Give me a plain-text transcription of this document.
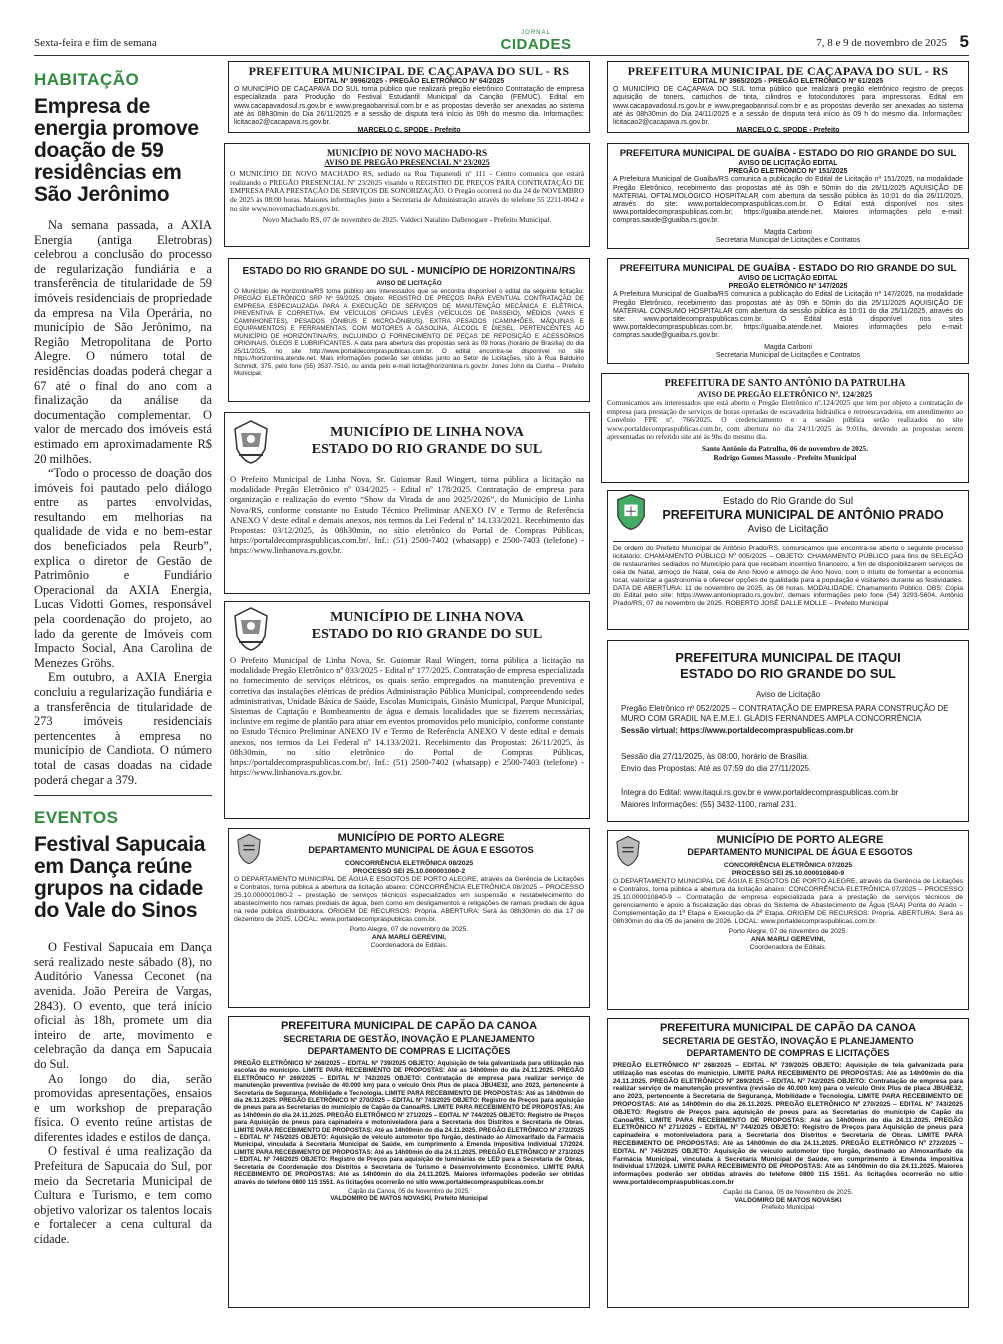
Sexta-feira e fim de semana
JORNAL
CIDADES	7, 8 e 9 de novembro de 2025 5
HABITAÇÃO
Empresa de energia promove doação de 59 residências em São Jerônimo

Na semana passada, a AXIA Energia (antiga Eletrobras) celebrou a conclusão do processo de regularização fundiária e a transferência de titularidade de 59 imóveis residenciais de propriedade da empresa na Vila Operária, no município de São Jerônimo, na Região Metropolitana de Porto Alegre. O número total de residências doadas poderá chegar a 67 até o final do ano com a finalização da análise da documentação complementar. O valor de mercado dos imóveis está estimado em aproximadamente R$ 20 milhões.

“Todo o processo de doação dos imóveis foi pautado pelo diálogo entre as partes envolvidas, resultando em melhorias na qualidade de vida e no bem-estar dos beneficiados pela Reurb”, explica o diretor de Gestão de Patrimônio e Fundiário Operacional da AXIA Energia, Lucas Vidotti Gomes, responsável pela coordenação do projeto, ao lado da gerente de Imóveis com Impacto Social, Ana Carolina de Menezes Gröhs.

Em outubro, a AXIA Energia concluiu a regularização fundiária e a transferência de titularidade de 273 imóveis residenciais pertencentes à empresa no município de Candiota. O número total de casas doadas na cidade poderá chegar a 379.

EVENTOS
Festival Sapucaia em Dança reúne grupos na cidade do Vale do Sinos

O Festival Sapucaia em Dança será realizado neste sábado (8), no Auditório Vanessa Ceconet (na avenida. João Pereira de Vargas, 2843). O evento, que terá início oficial às 18h, promete um dia inteiro de arte, movimento e celebração da dança em Sapucaia do Sul.

Ao longo do dia, serão promovidas apresentações, ensaios e um workshop de preparação física. O evento reúne artistas de diferentes idades e estilos de dança.

O festival é uma realização da Prefeitura de Sapucaia do Sul, por meio da Secretaria Municipal de Cultura e Turismo, e tem como objetivo valorizar os talentos locais e fortalecer a cena cultural da cidade.

PREFEITURA MUNICIPAL DE CAÇAPAVA DO SUL - RS
EDITAL Nº 3996/2025 - PREGÃO ELETRÔNICO Nº 64/2025

O MUNICÍPIO DE CAÇAPAVA DO SUL torna público que realizará pregão eletrônico Contratação de empresa especializada para Produção do Festival Estudantil Municipal da Canção (FEMUC). Edital em www.cacapavadosul.rs.gov.br e www.pregaobanrisul.com.br e as propostas deverão ser anexadas ao sistema até às 08h30min do Dia 26/11/2025 e a sessão de disputa terá início às 09h do mesmo dia. Informações: licitacao2@cacapava.rs.gov.br.

MARCELO C. SPODE - Prefeito
PREFEITURA MUNICIPAL DE CAÇAPAVA DO SUL - RS
EDITAL Nº 3965/2025 - PREGÃO ELETRÔNICO Nº 61/2025

O MUNICÍPIO DE CAÇAPAVA DO SUL torna público que realizará pregão eletrônico registro de preços aquisição de toners, cartuchos de tinta, cilindros e fotocondutores para impressoras. Edital em www.cacapavadosul.rs.gov.br e www.pregaobanrisul.com.br e as propostas deverão ser anexadas ao sistema até às 08h30min do Dia 24/11/2025 e a sessão de disputa terá início às 09 h do mesmo dia. Informações: licitacao2@cacapava.rs.gov.br.

MARCELO C. SPODE - Prefeito
MUNICÍPIO DE NOVO MACHADO-RS
AVISO DE PREGÃO PRESENCIAL Nº 23/2025

O MUNICÍPIO DE NOVO MACHADO RS, sediado na Rua Tupanendi nº 111 - Centro comunica que estará realizando o PREGÃO PRESENCIAL Nº 23/2025 visando o REGISTRO DE PREÇOS PARA CONTRATAÇÃO DE EMPRESA PARA PRESTAÇÃO DE SERVIÇOS DE SONORIZAÇÃO. O Pregão ocorrerá no dia 24 de NOVEMBRO de 2025 às 08:00 horas. Maiores informações junto a Secretaria de Administração através do telefone 55 2211-0042 e no site www.novomachado.rs.gov.br.

Novo Machado RS, 07 de novembro de 2025. Valdeci Natalino Dallenogare - Prefeito Municipal.
PREFEITURA MUNICIPAL DE GUAÍBA - ESTADO DO RIO GRANDE DO SUL
AVISO DE LICITAÇÃO EDITAL
PREGÃO ELETRÔNICO Nº 151/2025

A Prefeitura Municipal de Guaíba/RS comunica a publicação do Edital de Licitação nº 151/2025, na modalidade Pregão Eletrônico, recebimento das propostas até às 09h e 50min do dia 26/11/2025 AQUISIÇÃO DE MATERIAL OFTALMOLÓGICO HOSPITALAR com abertura da sessão pública às 10:01 do dia 26/11/2025, através do site: www.portaldecompraspublicas.com.br. O Edital está disponível nos sites www.portaldecompraspublicas.com.br; https://guaiba.atende.net. Maiores informações pelo e-mail: compras.saude@guaiba.rs.gov.br.

Magda Carboni
Secretaria Municipal de Licitações e Contratos
ESTADO DO RIO GRANDE DO SUL - MUNICÍPIO DE HORIZONTINA/RS
AVISO DE LICITAÇÃO

O Município de Horizontina/RS torna público aos interessados que se encontra disponível o edital da seguinte licitação: PREGÃO ELETRÔNICO SRP Nº 59/2025. Objeto: REGISTRO DE PREÇOS PARA EVENTUAL CONTRATAÇÃO DE EMPRESA ESPECIALIZADA PARA A EXECUÇÃO DE SERVIÇOS DE MANUTENÇÃO MECÂNICA E ELÉTRICA, PREVENTIVA E CORRETIVA, EM VEÍCULOS OFICIAIS LEVES (VEÍCULOS DE PASSEIO), MÉDIOS (VANS E CAMINHONETES), PESADOS (ÔNIBUS E MICRO-ÔNIBUS), EXTRA PESADOS (CAMINHÕES, MÁQUINAS E EQUIPAMENTOS) E FERRAMENTAS, COM MOTORES A GASOLINA, ÁLCOOL E DIESEL, PERTENCENTES AO MUNICÍPIO DE HORIZONTINA/RS, INCLUINDO O FORNECIMENTO DE PEÇAS DE REPOSIÇÃO E ACESSÓRIOS ORIGINAIS, ÓLEOS E LUBRIFICANTES. A data para abertura das propostas será às 09 horas (horário de Brasília) do dia 25/11/2025, no site http://www.portaldecompraspublicas.com.br. O edital encontra-se disponível no site https://horizontina.atende.net. Mais informações poderão ser obtidas junto ao Setor de Licitações, sito à Rua Balduino Schmidt, 375, pelo fone (55) 3537-7510, ou ainda pelo e-mail licita@horizontina.rs.gov.br. Jones John da Cunha – Prefeito Municipal.

PREFEITURA MUNICIPAL DE GUAÍBA - ESTADO DO RIO GRANDE DO SUL
AVISO DE LICITAÇÃO EDITAL
PREGÃO ELETRÔNICO Nº 147/2025

A Prefeitura Municipal de Guaíba/RS comunica a publicação do Edital de Licitação nº 147/2025, na modalidade Pregão Eletrônico, recebimento das propostas até às 09h e 50min do dia 25/11/2025 AQUISIÇÃO DE MATERIAL CONSUMO HOSPITALAR com abertura da sessão pública às 10:01 do dia 25/11/2025, através do site: www.portaldecompraspublicas.com.br. O Edital está disponível nos sites www.portaldecompraspublicas.com.br; https://guaiba.atende.net. Maiores informações pelo e-mail: compras.saude@guaiba.rs.gov.br.

Magda Carboni
Secretaria Municipal de Licitações e Contratos
PREFEITURA DE SANTO ANTÔNIO DA PATRULHA
AVISO DE PREGÃO ELETRÔNICO Nº. 124/2025

Comunicamos aos interessados que está aberto o Pregão Eletrônico nº.124/2025 que tem por objeto a contratação de empresa para prestação de serviços de horas operadas de escavadeira hidráulica e retroescavadeira, em atendimento ao Convênio FPE nº. 766/2025. O credenciamento e a sessão pública serão realizados no site www.portaldecompraspublicas.com.br, com abertura no dia 24/11/2025 às 9:01hs, devendo as propostas serem apresentadas no referido site até às 9hs do mesmo dia.

Santo Antônio da Patrulha, 06 de novembro de 2025.
Rodrigo Gomes Massulo - Prefeito Municipal
MUNICÍPIO DE LINHA NOVA
ESTADO DO RIO GRANDE DO SUL

O Prefeito Municipal de Linha Nova, Sr. Guiomar Raul Wingert, torna pública a licitação na modalidade Pregão Eletrônico nº 034/2025 - Edital nº 178/2025. Contratação de empresa para organização e realização do evento “Show da Virada de ano 2025/2026”, do Município de Linha Nova/RS, conforme constante no Estudo Técnico Preliminar ANEXO IV e Termo de Referência ANEXO V deste edital e demais anexos, nos termos da Lei Federal nº 14.133/2021. Recebimento das Propostas: 03/12/2025, às 08h30min, no sítio eletrônico do Portal de Compras Públicas, https://portaldecompraspublicas.com.br/. Inf.: (51) 2500-7402 (whatsapp) e 2500-7403 (telefone) - https://www.linhanova.rs.gov.br.

Estado do Rio Grande do Sul
PREFEITURA MUNICIPAL DE ANTÔNIO PRADO
Aviso de Licitação

De ordem do Prefeito Municipal de Antônio Prado/RS, comunicamos que encontra-se aberto o seguinte processo licitatório: CHAMAMENTO PÚBLICO Nº 005/2025 – OBJETO: CHAMAMENTO PÚBLICO para fins de SELEÇÃO de restaurantes sediados no Município para que recebam incentivo financeiro, a fim de disponibilizarem serviços de ceia de Natal, almoço de Natal, ceia de Ano Novo e almoço de Ano Novo, com o intuito de fomentar a economia local, valorizar a gastronomia e oferecer opções de qualidade para a população e visitantes durante as festividades. DATA DE ABERTURA: 11 de novembro de 2025, às 08 horas. MODALIDADE: Chamamento Público. OBS: Cópia do Edital pelo site: https://www.antonioprado.rs.gov.br/, demais informações pelo fone (54) 3293-5604. Antônio Prado/RS, 07 de novembro de 2025. ROBERTO JOSÉ DALLE MOLLE – Prefeito Municipal

MUNICÍPIO DE LINHA NOVA
ESTADO DO RIO GRANDE DO SUL

O Prefeito Municipal de Linha Nova, Sr. Guiomar Raul Wingert, torna pública a licitação na modalidade Pregão Eletrônico nº 033/2025 - Edital nº 177/2025. Contratação de empresa especializada no fornecimento de serviços elétricos, os quais serão empregados na manutenção preventiva e corretiva das instalações elétricas de prédios Administração Pública Municipal, compreendendo sedes administrativas, Unidade Básica de Saúde, Escolas Municipais, Ginásio Municipal, Parque Municipal, Sistemas de Captação e Bombeamento de água e demais localidades que se fizerem necessárias, inclusive em regime de plantão para atuar em eventos promovidos pelo município, conforme constante no Estudo Técnico Preliminar ANEXO IV e Termo de Referência ANEXO V deste edital e demais anexos, nos termos da Lei Federal nº 14.133/2021. Recebimento das Propostas: 26/11/2025, às 08h30min, no sítio eletrônico do Portal de Compras Públicas, https://portaldecompraspublicas.com.br/. Inf.: (51) 2500-7402 (whatsapp) e 2500-7403 (telefone) - https://www.linhanova.rs.gov.br.

PREFEITURA MUNICIPAL DE ITAQUI
ESTADO DO RIO GRANDE DO SUL
Aviso de Licitação
Pregão Eletrônico nº 052/2025 – CONTRATAÇÃO DE EMPRESA PARA CONSTRUÇÃO DE MURO COM GRADIL NA E.M.E.I. GLÁDIS FERNANDES AMPLA CONCORRÊNCIA
Sessão virtual: https://www.portaldecompraspublicas.com.br
Sessão dia 27/11/2025, às 08:00, horário de Brasília.
Envio das Propostas: Até as 07:59 do dia 27/11/2025.
Íntegra do Edital: www.itaqui.rs.gov.br e www.portaldecompraspublicas.com.br
Maiores Informações: (55) 3432-1100, ramal 231.
MUNICÍPIO DE PORTO ALEGRE
DEPARTAMENTO MUNICIPAL DE ÁGUA E ESGOTOS
CONCORRÊNCIA ELETRÔNICA 08/2025
PROCESSO SEI 25.10.000001060-2

O DEPARTAMENTO MUNICIPAL DE ÁGUA E ESGOTOS DE PORTO ALEGRE, através da Gerência de Licitações e Contratos, torna pública a abertura da licitação abaixo: CONCORRÊNCIA ELETRÔNICA 08/2025 – PROCESSO 25.10.000001060-2 – prestação de serviços técnicos especializados em suspensão e restabelecimento do abastecimento nos ramais prediais de água, bem como em desligamentos e religações de ramais prediais de água na rede pública distribuidora. ORIGEM DE RECURSOS: Própria. ABERTURA: Será às 08h30min do dia 17 de dezembro de 2025. LOCAL: www.portaldecompraspublicas.com.br.

Porto Alegre, 07 de novembro de 2025.
ANA MARLI GEREVINI,
Coordenadora de Editais.
MUNICÍPIO DE PORTO ALEGRE
DEPARTAMENTO MUNICIPAL DE ÁGUA E ESGOTOS
CONCORRÊNCIA ELETRÔNICA 07/2025
PROCESSO SEI 25.10.000010840-9

O DEPARTAMENTO MUNICIPAL DE ÁGUA E ESGOTOS DE PORTO ALEGRE, através da Gerência de Licitações e Contratos, torna pública a abertura da licitação abaixo: CONCORRÊNCIA ELETRÔNICA 07/2025 – PROCESSO 25.10.000010840-9 – Contratação de empresa especializada para a prestação de serviços técnicos de gerenciamento e apoio à fiscalização das obras do Sistema de Abastecimento de Água (SAA) Ponta do Arado – Complementação da 1ª Etapa e Execução da 2ª Etapa. ORIGEM DE RECURSOS: Própria. ABERTURA: Será às 08h30min do dia 05 de janeiro de 2026. LOCAL: www.portaldecompraspublicas.com.br.

Porto Alegre, 07 de novembro de 2025.
ANA MARLI GEREVINI,
Coordenadora de Editais.
PREFEITURA MUNICIPAL DE CAPÃO DA CANOA
SECRETARIA DE GESTÃO, INOVAÇÃO E PLANEJAMENTO
DEPARTAMENTO DE COMPRAS E LICITAÇÕES

PREGÃO ELETRÔNICO Nº 268/2025 – EDITAL Nº 739/2025 OBJETO: Aquisição de tela galvanizada para utilização nas escolas do município. LIMITE PARA RECEBIMENTO DE PROPOSTAS: Até as 14h00min do dia 24.11.2025. PREGÃO ELETRÔNICO Nº 269/2025 – EDITAL Nº 742/2025 OBJETO: Contratação de empresa para realizar serviço de manutenção preventiva (revisão de 40.000 km) para o veículo Onix Plus de placa JBU4E32, ano 2023, pertencente à Secretaria de Segurança, Mobilidade e Tecnologia. LIMITE PARA RECEBIMENTO DE PROPOSTAS: Até as 14h00min do dia 26.11.2025. PREGÃO ELETRÔNICO Nº 270/2025 – EDITAL Nº 743/2025 OBJETO: Registro de Preços para aquisição de pneus para as Secretarias do município de Capão da Canoa/RS. LIMITE PARA RECEBIMENTO DE PROPOSTAS: Até as 14h00min do dia 24.11.2025. PREGÃO ELETRÔNICO Nº 271/2025 – EDITAL Nº 744/2025 OBJETO: Registro de Preços para Aquisição de pneus para capinadeira e motoniveladora para a Secretaria dos Distritos e Secretaria de Obras. LIMITE PARA RECEBIMENTO DE PROPOSTAS: Até as 14h00min do dia 24.11.2025. PREGÃO ELETRÔNICO Nº 272/2025 – EDITAL Nº 745/2025 OBJETO: Aquisição de veículo automotor tipo furgão, destinado ao Almoxarifado da Farmácia Municipal, vinculada à Secretaria Municipal de Saúde, em cumprimento à Emenda Impositiva Individual 17/2024. LIMITE PARA RECEBIMENTO DE PROPOSTAS: Até as 14h00min do dia 24.11.2025. PREGÃO ELETRÔNICO Nº 273/2025 – EDITAL Nº 746/2025 OBJETO: Registro de Preços para aquisição de luminárias de LED para a Secretaria de Obras, Secretaria de Coordenação dos Distritos e Secretaria de Turismo e Desenvolvimento Econômico. LIMITE PARA RECEBIMENTO DE PROPOSTAS: Até as 14h00min do dia 24.11.2025. Maiores informações poderão ser obtidas através do telefone 0800 115 1551. As licitações ocorrerão no sítio www.portaldecompraspublicas.com.br

Capão da Canoa, 05 de Novembro de 2025.
VALDOMIRO DE MATOS NOVASKI, Prefeito Municipal
PREFEITURA MUNICIPAL DE CAPÃO DA CANOA
SECRETARIA DE GESTÃO, INOVAÇÃO E PLANEJAMENTO
DEPARTAMENTO DE COMPRAS E LICITAÇÕES

PREGÃO ELETRÔNICO Nº 268/2025 – EDITAL Nº 739/2025 OBJETO: Aquisição de tela galvanizada para utilização nas escolas do município. LIMITE PARA RECEBIMENTO DE PROPOSTAS: Até as 14h00min do dia 24.11.2025. PREGÃO ELETRÔNICO Nº 269/2025 – EDITAL Nº 742/2025 OBJETO: Contratação de empresa para realizar serviço de manutenção preventiva (revisão de 40.000 km) para o veículo Onix Plus de placa JBU4E32, ano 2023, pertencente à Secretaria de Segurança, Mobilidade e Tecnologia. LIMITE PARA RECEBIMENTO DE PROPOSTAS: Até as 14h00min do dia 26.11.2025. PREGÃO ELETRÔNICO Nº 270/2025 – EDITAL Nº 743/2025 OBJETO: Registro de Preços para aquisição de pneus para as Secretarias do município de Capão da Canoa/RS. LIMITE PARA RECEBIMENTO DE PROPOSTAS: Até as 14h00min do dia 24.11.2025. PREGÃO ELETRÔNICO Nº 271/2025 – EDITAL Nº 744/2025 OBJETO: Registro de Preços para Aquisição de pneus para capinadeira e motoniveladora para a Secretaria dos Distritos e Secretaria de Obras. LIMITE PARA RECEBIMENTO DE PROPOSTAS: Até as 14h00min do dia 24.11.2025. PREGÃO ELETRÔNICO Nº 272/2025 – EDITAL Nº 745/2025 OBJETO: Aquisição de veículo automotor tipo furgão, destinado ao Almoxarifado da Farmácia Municipal, vinculada à Secretaria Municipal de Saúde, em cumprimento à Emenda Impositiva Individual 17/2024. LIMITE PARA RECEBIMENTO DE PROPOSTAS: Até as 14h00min do dia 24.11.2025. Maiores informações poderão ser obtidas através do telefone 0800 115 1551. As licitações ocorrerão no sítio www.portaldecompraspublicas.com.br

Capão da Canoa, 05 de Novembro de 2025.
VALDOMIRO DE MATOS NOVASKI
Prefeito Municipal
